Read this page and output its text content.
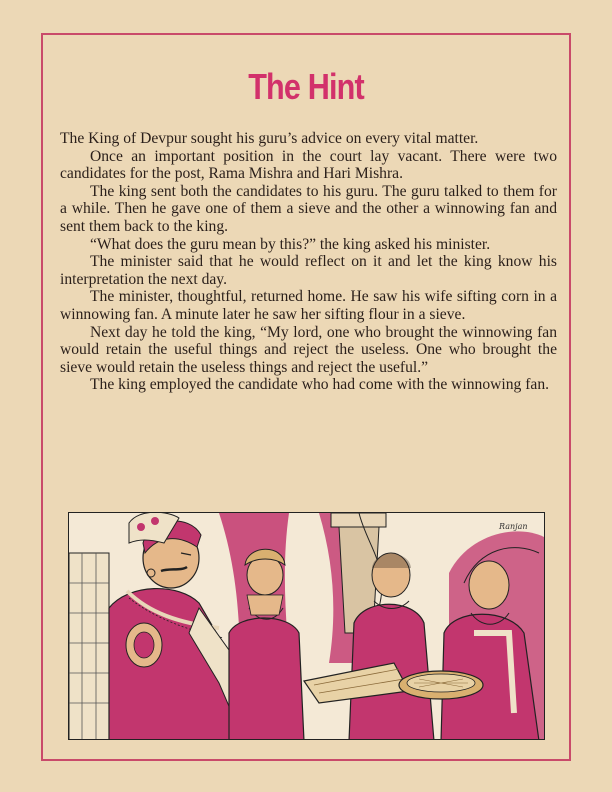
The Hint

The King of Devpur sought his guru’s advice on every vital matter.

Once an important position in the court lay vacant. There were two candidates for the post, Rama Mishra and Hari Mishra.

The king sent both the candidates to his guru. The guru talked to them for a while. Then he gave one of them a sieve and the other a winnowing fan and sent them back to the king.

“What does the guru mean by this?” the king asked his minister.

The minister said that he would reflect on it and let the king know his interpretation the next day.

The minister, thoughtful, returned home. He saw his wife sifting corn in a winnowing fan. A minute later he saw her sifting flour in a sieve.

Next day he told the king, “My lord, one who brought the winnowing fan would retain the useful things and reject the useless. One who brought the sieve would retain the useless things and reject the useful.”

The king employed the candidate who had come with the winnowing fan.

Ranjan
